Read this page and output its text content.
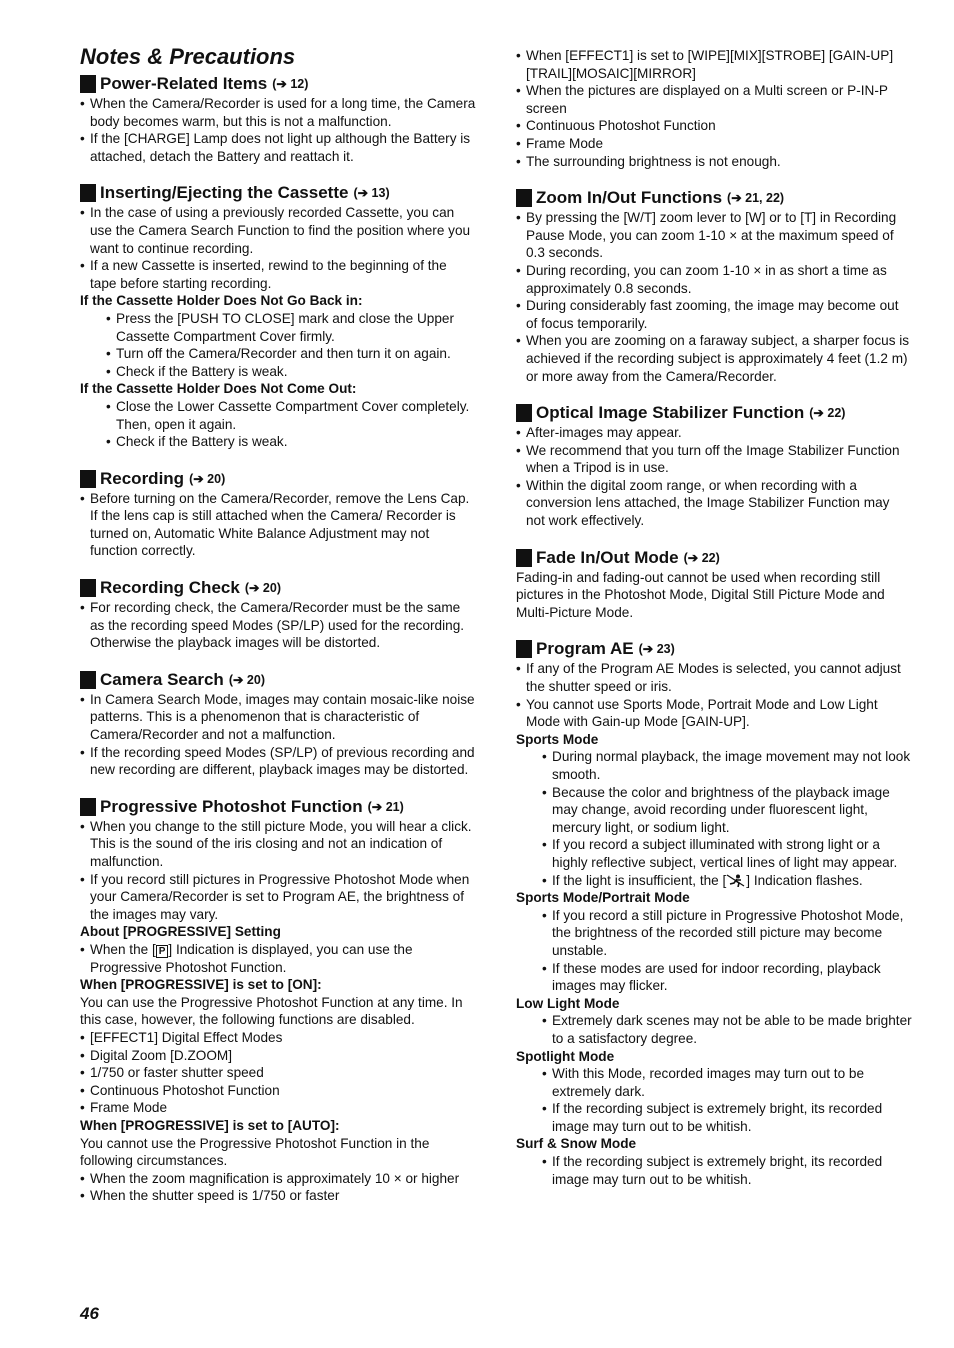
Notes & Precautions
Power-Related Items (➔ 12)

• When the Camera/Recorder is used for a long time, the Camera body becomes warm, but this is not a malfunction.

• If the [CHARGE] Lamp does not light up although the Battery is attached, detach the Battery and reattach it.

Inserting/Ejecting the Cassette (➔ 13)

• In the case of using a previously recorded Cassette, you can use the Camera Search Function to find the position where you want to continue recording.

• If a new Cassette is inserted, rewind to the beginning of the tape before starting recording.

If the Cassette Holder Does Not Go Back in:

• Press the [PUSH TO CLOSE] mark and close the Upper Cassette Compartment Cover firmly.

• Turn off the Camera/Recorder and then turn it on again.

• Check if the Battery is weak.

If the Cassette Holder Does Not Come Out:

• Close the Lower Cassette Compartment Cover completely. Then, open it again.

• Check if the Battery is weak.

Recording (➔ 20)

• Before turning on the Camera/Recorder, remove the Lens Cap. If the lens cap is still attached when the Camera/ Recorder is turned on, Automatic White Balance Adjustment may not function correctly.

Recording Check (➔ 20)

• For recording check, the Camera/Recorder must be the same as the recording speed Modes (SP/LP) used for the recording. Otherwise the playback images will be distorted.

Camera Search (➔ 20)

• In Camera Search Mode, images may contain mosaic-like noise patterns. This is a phenomenon that is characteristic of Camera/Recorder and not a malfunction.

• If the recording speed Modes (SP/LP) of previous recording and new recording are different, playback images may be distorted.

Progressive Photoshot Function (➔ 21)

• When you change to the still picture Mode, you will hear a click. This is the sound of the iris closing and not an indication of malfunction.

• If you record still pictures in Progressive Photoshot Mode when your Camera/Recorder is set to Program AE, the brightness of the images may vary.

About [PROGRESSIVE] Setting

• When the [ P ] Indication is displayed, you can use the Progressive Photoshot Function.

When [PROGRESSIVE] is set to [ON]:

You can use the Progressive Photoshot Function at any time. In this case, however, the following functions are disabled.

• [EFFECT1] Digital Effect Modes

• Digital Zoom [D.ZOOM]

• 1/750 or faster shutter speed

• Continuous Photoshot Function

• Frame Mode

When [PROGRESSIVE] is set to [AUTO]:

You cannot use the Progressive Photoshot Function in the following circumstances.

• When the zoom magnification is approximately 10 × or higher

• When the shutter speed is 1/750 or faster

• When [EFFECT1] is set to [WIPE][MIX][STROBE] [GAIN-UP][TRAIL][MOSAIC][MIRROR]

• When the pictures are displayed on a Multi screen or P-IN-P screen

• Continuous Photoshot Function

• Frame Mode

• The surrounding brightness is not enough.

Zoom In/Out Functions (➔ 21, 22)

• By pressing the [W/T] zoom lever to [W] or to [T] in Recording Pause Mode, you can zoom 1-10 × at the maximum speed of 0.3 seconds.

• During recording, you can zoom 1-10 × in as short a time as approximately 0.8 seconds.

• During considerably fast zooming, the image may become out of focus temporarily.

• When you are zooming on a faraway subject, a sharper focus is achieved if the recording subject is approximately 4 feet (1.2 m) or more away from the Camera/Recorder.

Optical Image Stabilizer Function (➔ 22)

• After-images may appear.

• We recommend that you turn off the Image Stabilizer Function when a Tripod is in use.

• Within the digital zoom range, or when recording with a conversion lens attached, the Image Stabilizer Function may not work effectively.

Fade In/Out Mode (➔ 22)

Fading-in and fading-out cannot be used when recording still pictures in the Photoshot Mode, Digital Still Picture Mode and Multi-Picture Mode.

Program AE (➔ 23)

• If any of the Program AE Modes is selected, you cannot adjust the shutter speed or iris.

• You cannot use Sports Mode, Portrait Mode and Low Light Mode with Gain-up Mode [GAIN-UP].

Sports Mode

• During normal playback, the image movement may not look smooth.

• Because the color and brightness of the playback image may change, avoid recording under fluorescent light, mercury light, or sodium light.

• If you record a subject illuminated with strong light or a highly reflective subject, vertical lines of light may appear.

• If the light is insufficient, the [ ] Indication flashes.

Sports Mode/Portrait Mode

• If you record a still picture in Progressive Photoshot Mode, the brightness of the recorded still picture may become unstable.

• If these modes are used for indoor recording, playback images may flicker.

Low Light Mode

• Extremely dark scenes may not be able to be made brighter to a satisfactory degree.

Spotlight Mode

• With this Mode, recorded images may turn out to be extremely dark.

• If the recording subject is extremely bright, its recorded image may turn out to be whitish.

Surf & Snow Mode

• If the recording subject is extremely bright, its recorded image may turn out to be whitish.

46
